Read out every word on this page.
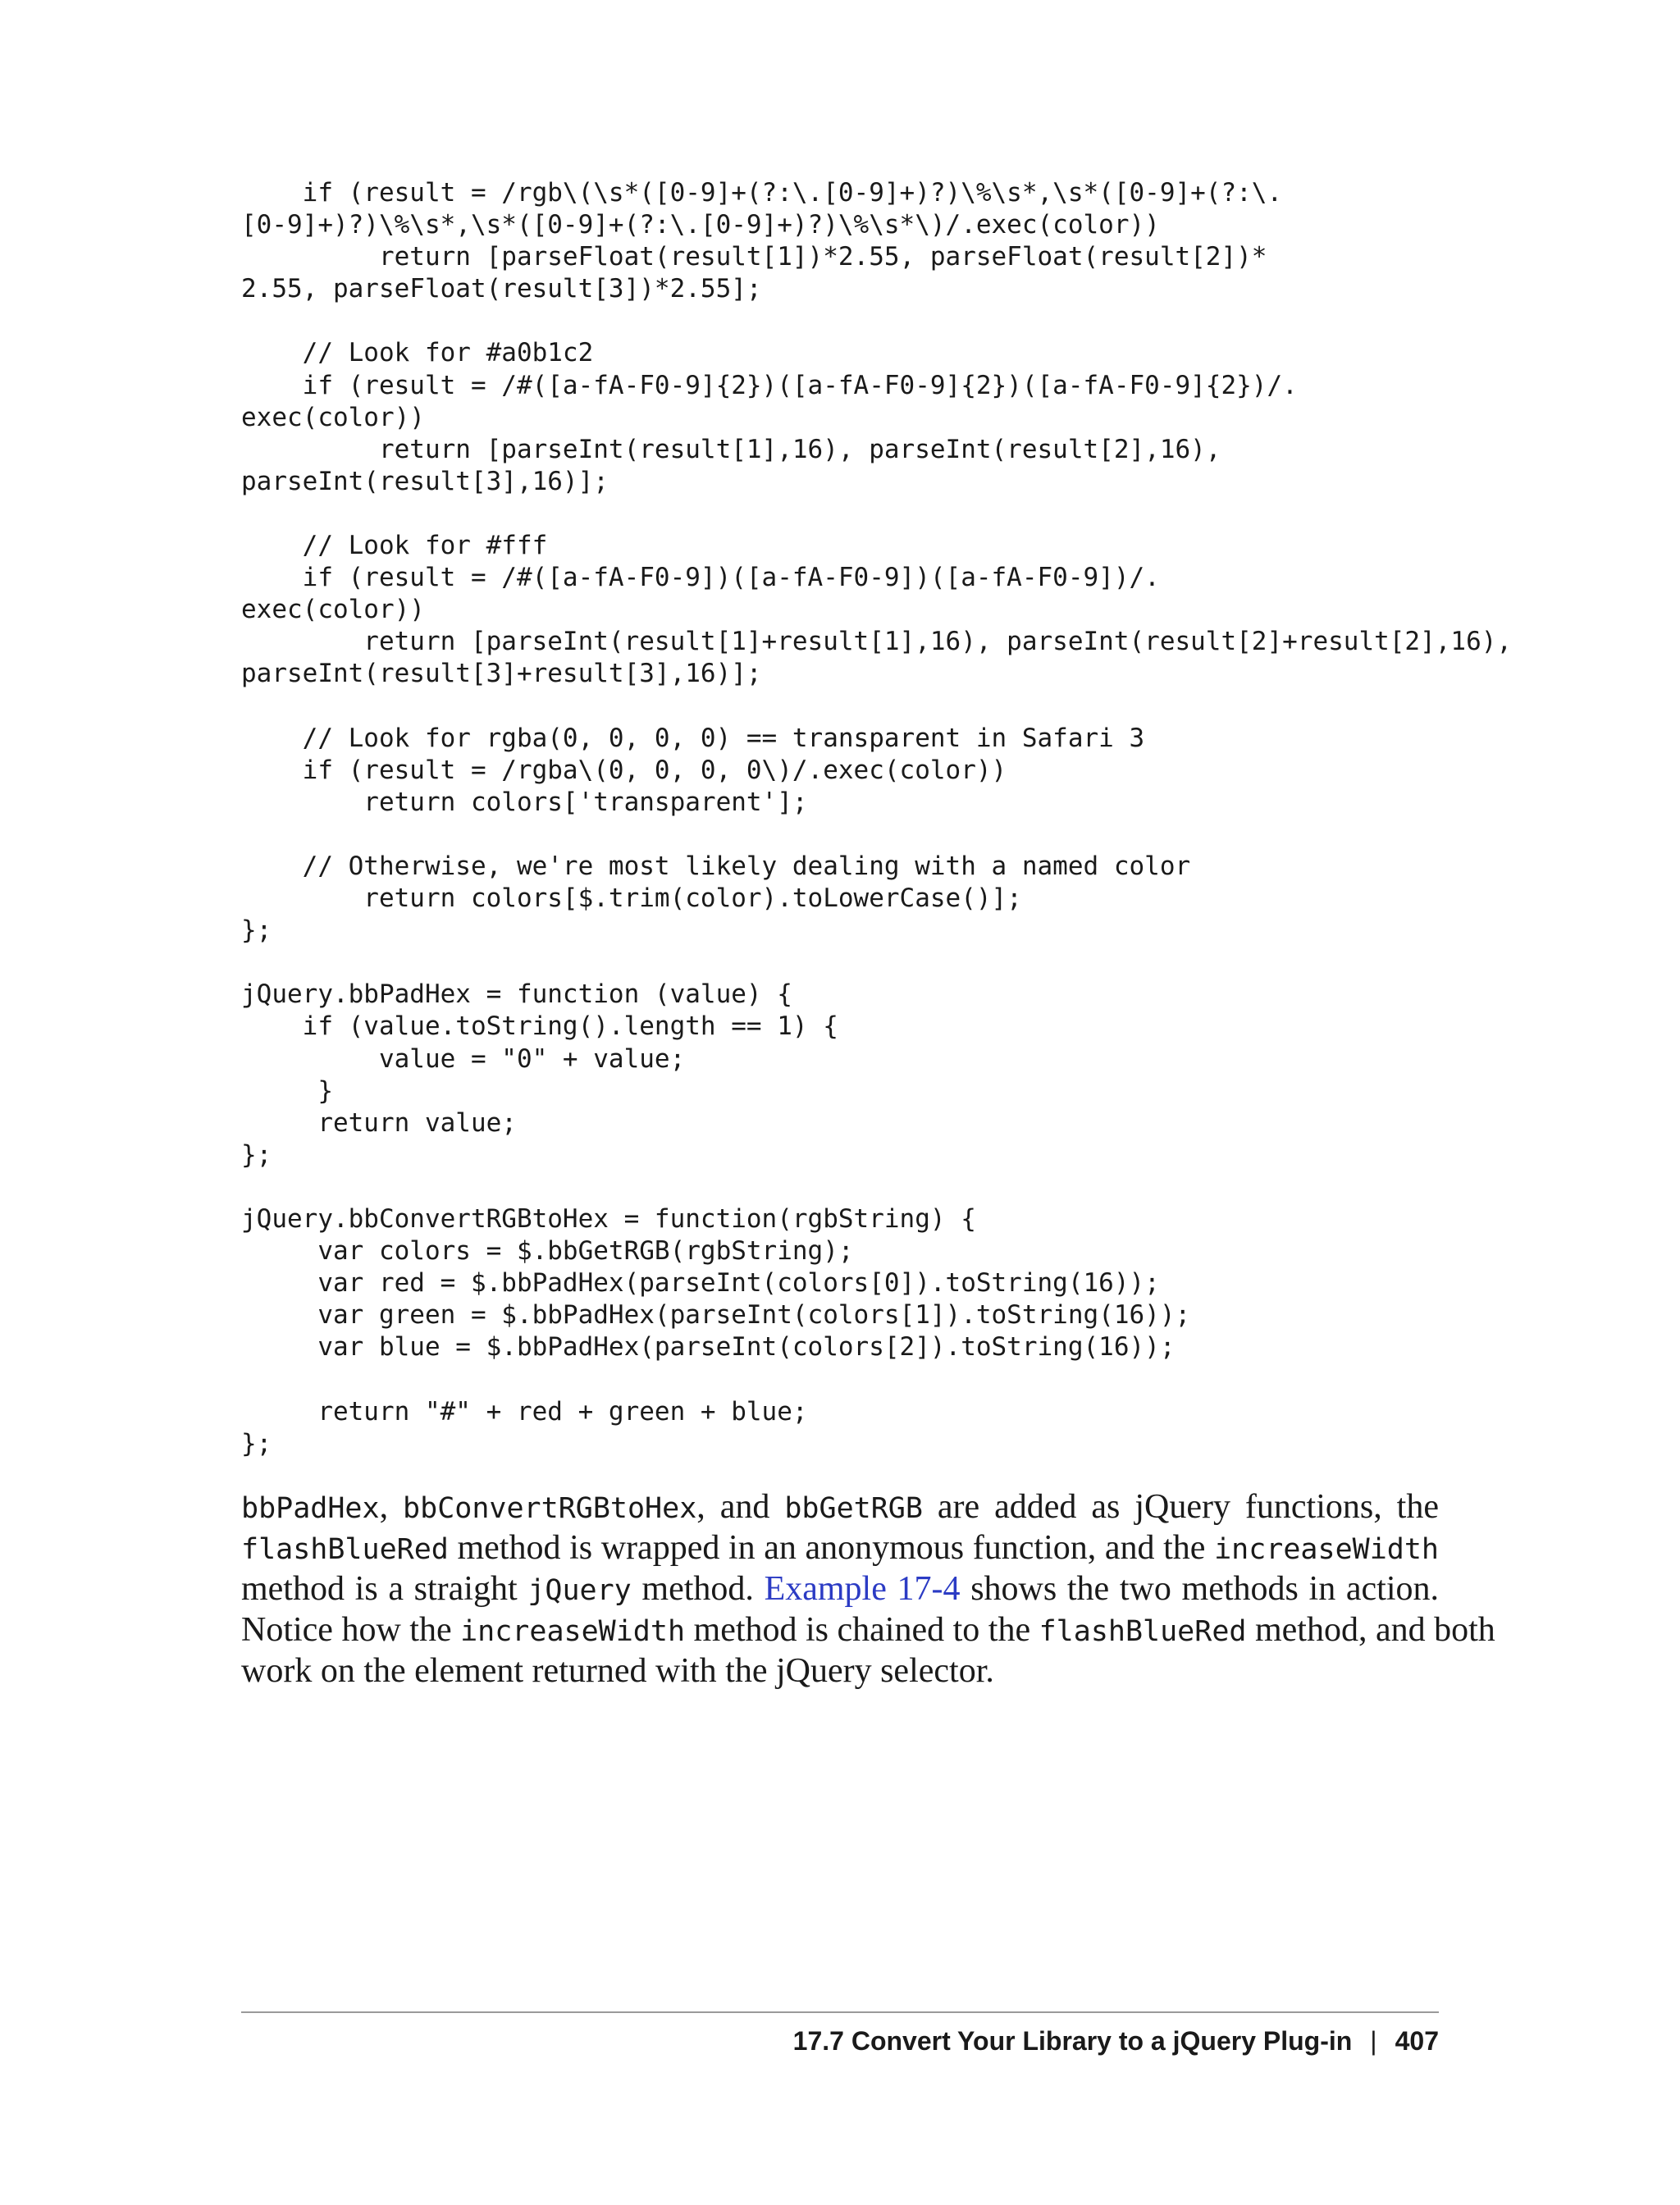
if (result = /rgb\(\s*([0-9]+(?:\.[0-9]+)?)\%\s*,\s*([0-9]+(?:\.
[0-9]+)?)\%\s*,\s*([0-9]+(?:\.[0-9]+)?)\%\s*\)/.exec(color))
return [parseFloat(result[1])*2.55, parseFloat(result[2])*
2.55, parseFloat(result[3])*2.55];
// Look for #a0b1c2
if (result = /#([a-fA-F0-9]{2})([a-fA-F0-9]{2})([a-fA-F0-9]{2})/.
exec(color))
return [parseInt(result[1],16), parseInt(result[2],16),
parseInt(result[3],16)];
// Look for #fff
if (result = /#([a-fA-F0-9])([a-fA-F0-9])([a-fA-F0-9])/.
exec(color))
return [parseInt(result[1]+result[1],16), parseInt(result[2]+result[2],16),
parseInt(result[3]+result[3],16)];
// Look for rgba(0, 0, 0, 0) == transparent in Safari 3
if (result = /rgba\(0, 0, 0, 0\)/.exec(color))
return colors['transparent'];
// Otherwise, we're most likely dealing with a named color
return colors[$.trim(color).toLowerCase()];
};
jQuery.bbPadHex = function (value) {
if (value.toString().length == 1) {
value = "0" + value;
}
return value;
};
jQuery.bbConvertRGBtoHex = function(rgbString) {
var colors = $.bbGetRGB(rgbString);
var red = $.bbPadHex(parseInt(colors[0]).toString(16));
var green = $.bbPadHex(parseInt(colors[1]).toString(16));
var blue = $.bbPadHex(parseInt(colors[2]).toString(16));
return "#" + red + green + blue;
};
bbPadHex, bbConvertRGBtoHex, and bbGetRGB are added as jQuery functions, the
flashBlueRed method is wrapped in an anonymous function, and the increaseWidth
method is a straight jQuery method. Example 17-4 shows the two methods in action.
Notice how the increaseWidth method is chained to the flashBlueRed method, and both
work on the element returned with the jQuery selector.
17.7 Convert Your Library to a jQuery Plug-in | 407
